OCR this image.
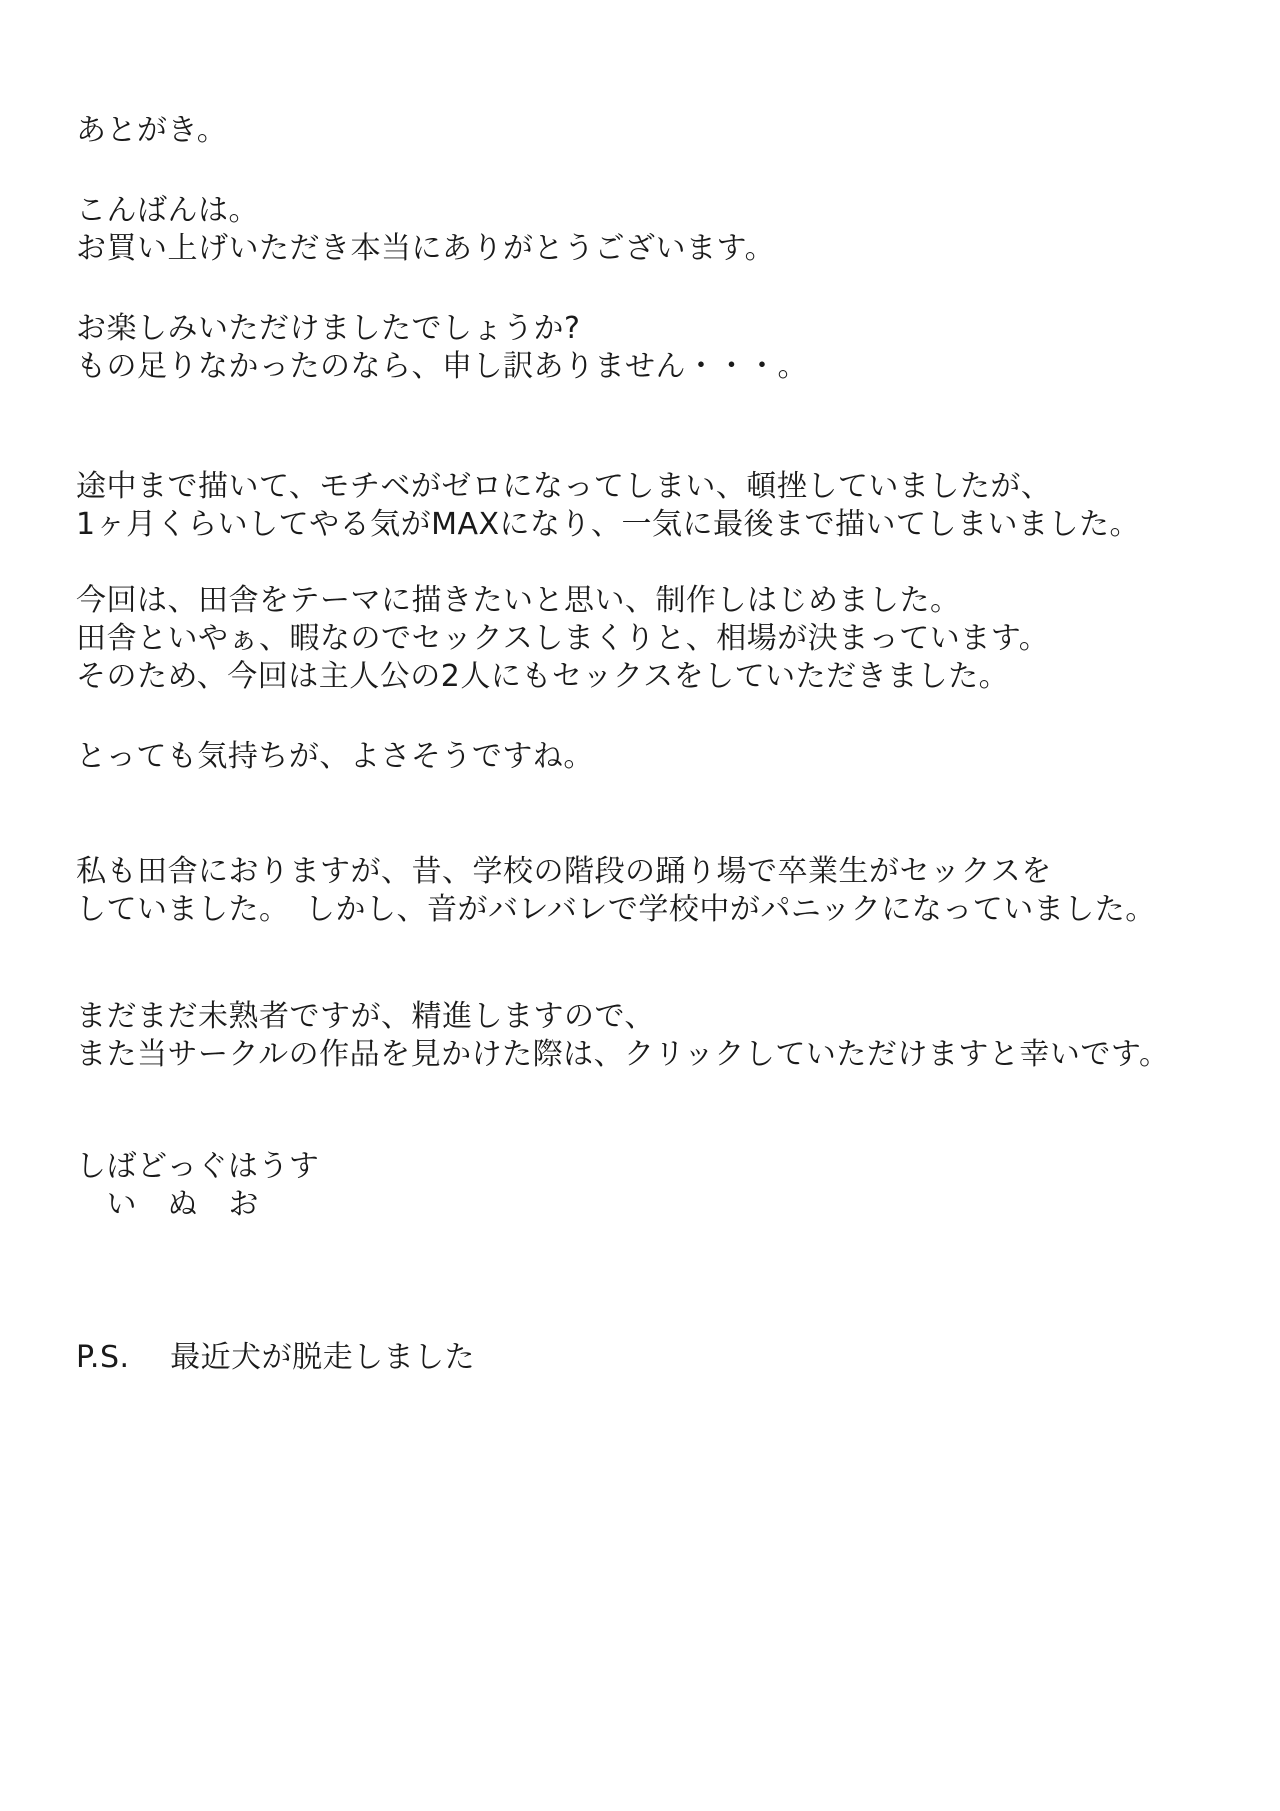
あとがき。
こんばんは。
お買い上げいただき本当にありがとうございます。
お楽しみいただけましたでしょうか?
もの足りなかったのなら、申し訳ありません・・・。
途中まで描いて、モチベがゼロになってしまい、頓挫していましたが、
1ヶ月くらいしてやる気がMAXになり、一気に最後まで描いてしまいました。
今回は、田舎をテーマに描きたいと思い、制作しはじめました。
田舎といやぁ、暇なのでセックスしまくりと、相場が決まっています。
そのため、今回は主人公の2人にもセックスをしていただきました。
とっても気持ちが、よさそうですね。
私も田舎におりますが、昔、学校の階段の踊り場で卒業生がセックスを
していました。　しかし、音がバレバレで学校中がパニックになっていました。
まだまだ未熟者ですが、精進しますので、
また当サークルの作品を見かけた際は、クリックしていただけますと幸いです。
しばどっぐはうす
　い　ぬ　お
P.S.　 最近犬が脱走しました
